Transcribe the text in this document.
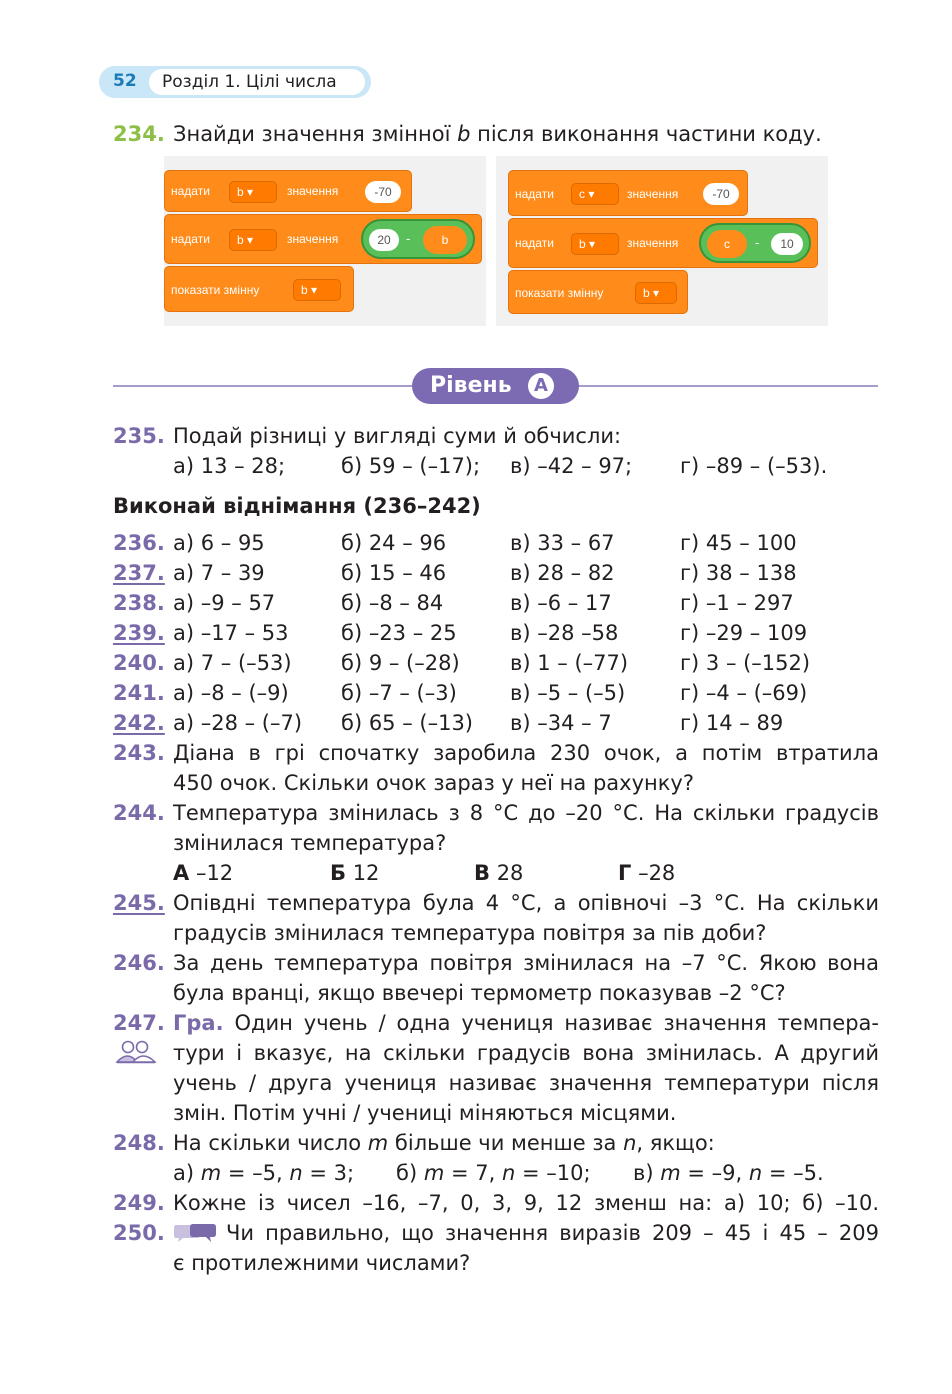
52	Розділ 1. Цілі числа
234. Знайди значення змінної b після виконання частини коду.
надати	b ▾	значення	-70
надати	b ▾	значення	20	-	b
показати змінну	b ▾
надати	c ▾	значення	-70
надати	b ▾	значення	c	-	10
показати змінну	b ▾
Рівень	A
235. Подай різниці у вигляді суми й обчисли:
а) 13 – 28;	б) 59 – (–17); в) –42 – 97; г) –89 – (–53).
Виконай віднімання (236–242)
236. а) 6 – 95	б) 24 – 96	в) 33 – 67	г) 45 – 100
237. а) 7 – 39	б) 15 – 46	в) 28 – 82	г) 38 – 138
238. а) –9 – 57	б) –8 – 84	в) –6 – 17	г) –1 – 297
239. а) –17 – 53 б) –23 – 25	в) –28 –58	г) –29 – 109
240. а) 7 – (–53) б) 9 – (–28) в) 1 – (–77) г) 3 – (–152)
241. а) –8 – (–9) б) –7 – (–3)	в) –5 – (–5)	г) –4 – (–69)
242. а) –28 – (–7) б) 65 – (–13) в) –34 – 7	г) 14 – 89
243. Діана в грі спочатку заробила 230 очок, а потім втратила
450 очок. Скільки очок зараз у неї на рахунку?
244. Температура змінилась з 8 °С до –20 °С. На скільки градусів
змінилася температура?
А –12	Б 12	В 28	Г –28
245. Опівдні температура була 4 °С, а опівночі –3 °С. На скільки
градусів змінилася температура повітря за пів доби?
246. За день температура повітря змінилася на –7 °С. Якою вона
була вранці, якщо ввечері термометр показував –2 °С?
247. Гра. Один учень / одна учениця називає значення темпера-
тури і вказує, на скільки градусів вона змінилась. А другий
учень / друга учениця називає значення температури після
змін. Потім учні / учениці міняються місцями.
248. На скільки число m більше чи менше за n, якщо:
а) m = –5, n = 3; б) m = 7, n = –10; в) m = –9, n = –5.
249. Кожне із чисел –16, –7, 0, 3, 9, 12 зменш на: а) 10; б) –10.
250.	Чи правильно, що значення виразів 209 – 45 і 45 – 209
є протилежними числами?
